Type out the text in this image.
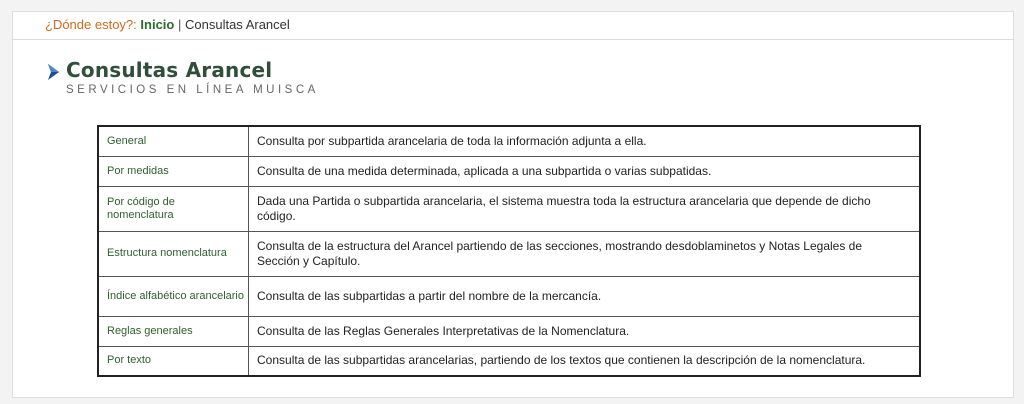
¿Dónde estoy?: Inicio | Consultas Arancel
Consultas Arancel
SERVICIOS EN LÍNEA MUISCA
General	Consulta por subpartida arancelaria de toda la información adjunta a ella.
Por medidas	Consulta de una medida determinada, aplicada a una subpartida o varias subpatidas.
Por código de nomenclatura	Dada una Partida o subpartida arancelaria, el sistema muestra toda la estructura arancelaria que depende de dicho código.
Estructura nomenclatura	Consulta de la estructura del Arancel partiendo de las secciones, mostrando desdoblaminetos y Notas Legales de Sección y Capítulo.
Índice alfabético arancelario	Consulta de las subpartidas a partir del nombre de la mercancía.
Reglas generales	Consulta de las Reglas Generales Interpretativas de la Nomenclatura.
Por texto	Consulta de las subpartidas arancelarias, partiendo de los textos que contienen la descripción de la nomenclatura.
